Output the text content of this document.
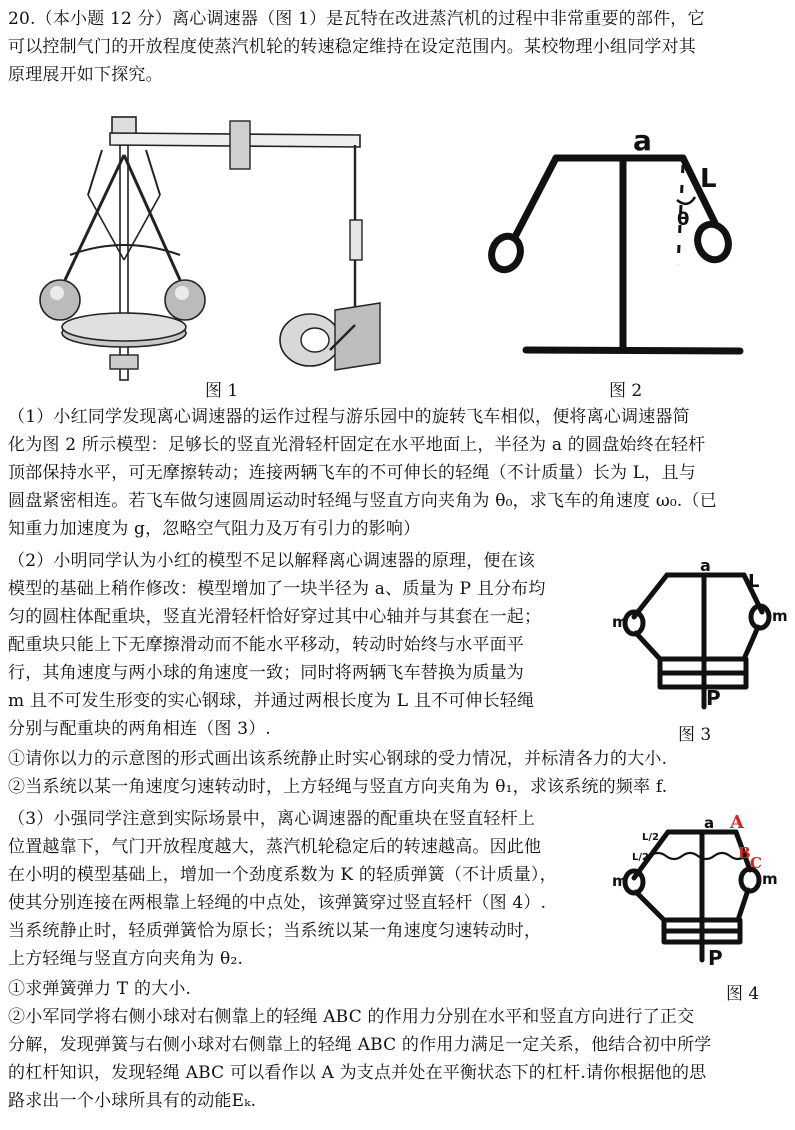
20.（本小题 12 分）离心调速器（图 1）是瓦特在改进蒸汽机的过程中非常重要的部件，它
可以控制气门的开放程度使蒸汽机轮的转速稳定维持在设定范围内。某校物理小组同学对其
原理展开如下探究。
图 1
a
L
θ
图 2
（1）小红同学发现离心调速器的运作过程与游乐园中的旋转飞车相似，便将离心调速器简
化为图 2 所示模型：足够长的竖直光滑轻杆固定在水平地面上，半径为 a 的圆盘始终在轻杆
顶部保持水平，可无摩擦转动；连接两辆飞车的不可伸长的轻绳（不计质量）长为 L，且与
圆盘紧密相连。若飞车做匀速圆周运动时轻绳与竖直方向夹角为 θ₀，求飞车的角速度 ω₀.（已
知重力加速度为 g，忽略空气阻力及万有引力的影响）
（2）小明同学认为小红的模型不足以解释离心调速器的原理，便在该
模型的基础上稍作修改：模型增加了一块半径为 a、质量为 P 且分布均
匀的圆柱体配重块，竖直光滑轻杆恰好穿过其中心轴并与其套在一起；
配重块只能上下无摩擦滑动而不能水平移动，转动时始终与水平面平
行，其角速度与两小球的角速度一致；同时将两辆飞车替换为质量为
m 且不可发生形变的实心钢球，并通过两根长度为 L 且不可伸长轻绳
分别与配重块的两角相连（图 3）.
a
L
m	m
P
图 3
①请你以力的示意图的形式画出该系统静止时实心钢球的受力情况，并标清各力的大小.
②当系统以某一角速度匀速转动时，上方轻绳与竖直方向夹角为 θ₁，求该系统的频率 f.
（3）小强同学注意到实际场景中，离心调速器的配重块在竖直轻杆上
位置越靠下，气门开放程度越大，蒸汽机轮稳定后的转速越高。因此他
在小明的模型基础上，增加一个劲度系数为 K 的轻质弹簧（不计质量），
使其分别连接在两根靠上轻绳的中点处，该弹簧穿过竖直轻杆（图 4）.
当系统静止时，轻质弹簧恰为原长；当系统以某一角速度匀速转动时，
上方轻绳与竖直方向夹角为 θ₂.
A
B
C
a
L/2
L/2
m	m
P
①求弹簧弹力 T 的大小.	图 4
②小军同学将右侧小球对右侧靠上的轻绳 ABC 的作用力分别在水平和竖直方向进行了正交
分解，发现弹簧与右侧小球对右侧靠上的轻绳 ABC 的作用力满足一定关系，他结合初中所学
的杠杆知识，发现轻绳 ABC 可以看作以 A 为支点并处在平衡状态下的杠杆.请你根据他的思
路求出一个小球所具有的动能Eₖ.
